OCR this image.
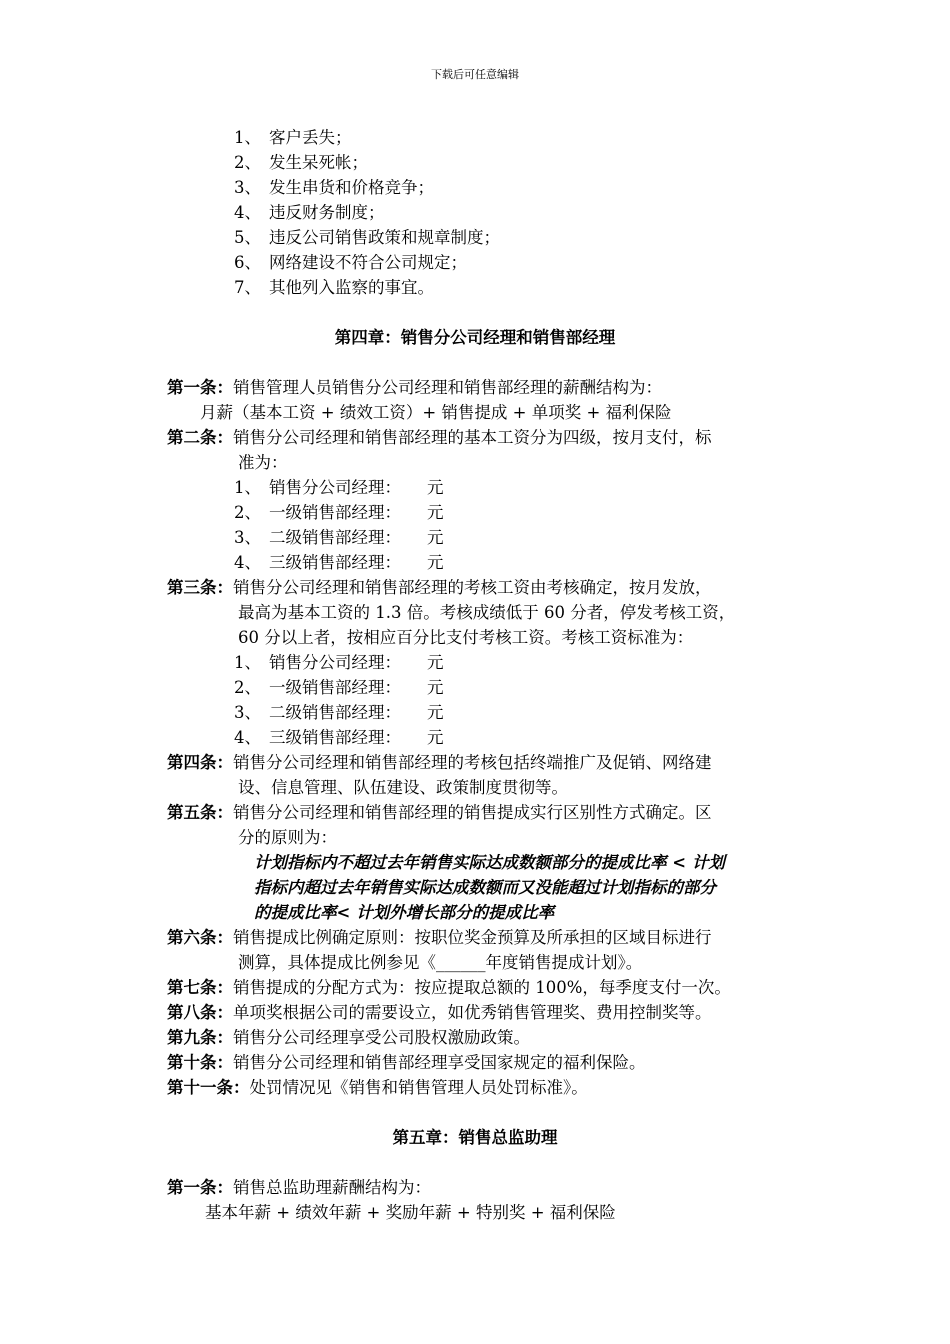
下载后可任意编辑
1、 客户丢失；
2、 发生呆死帐；
3、 发生串货和价格竞争；
4、 违反财务制度；
5、 违反公司销售政策和规章制度；
6、 网络建设不符合公司规定；
7、 其他列入监察的事宜。
第四章：销售分公司经理和销售部经理
第一条：销售管理人员销售分公司经理和销售部经理的薪酬结构为：
月薪（基本工资 + 绩效工资）+ 销售提成 + 单项奖 + 福利保险
第二条：销售分公司经理和销售部经理的基本工资分为四级，按月支付，标
准为：
1、 销售分公司经理： 元
2、 一级销售部经理： 元
3、 二级销售部经理： 元
4、 三级销售部经理： 元
第三条：销售分公司经理和销售部经理的考核工资由考核确定，按月发放，
最高为基本工资的 1.3 倍。考核成绩低于 60 分者，停发考核工资，
60 分以上者，按相应百分比支付考核工资。考核工资标准为：
1、 销售分公司经理： 元
2、 一级销售部经理： 元
3、 二级销售部经理： 元
4、 三级销售部经理： 元
第四条：销售分公司经理和销售部经理的考核包括终端推广及促销、网络建
设、信息管理、队伍建设、政策制度贯彻等。
第五条：销售分公司经理和销售部经理的销售提成实行区别性方式确定。区
分的原则为：
计划指标内不超过去年销售实际达成数额部分的提成比率 < 计划
指标内超过去年销售实际达成数额而又没能超过计划指标的部分
的提成比率< 计划外增长部分的提成比率
第六条：销售提成比例确定原则：按职位奖金预算及所承担的区域目标进行
测算，具体提成比例参见《______年度销售提成计划》。
第七条：销售提成的分配方式为：按应提取总额的 100%，每季度支付一次。
第八条：单项奖根据公司的需要设立，如优秀销售管理奖、费用控制奖等。
第九条：销售分公司经理享受公司股权激励政策。
第十条：销售分公司经理和销售部经理享受国家规定的福利保险。
第十一条：处罚情况见《销售和销售管理人员处罚标准》。
第五章：销售总监助理
第一条：销售总监助理薪酬结构为：
基本年薪 + 绩效年薪 + 奖励年薪 + 特别奖 + 福利保险
